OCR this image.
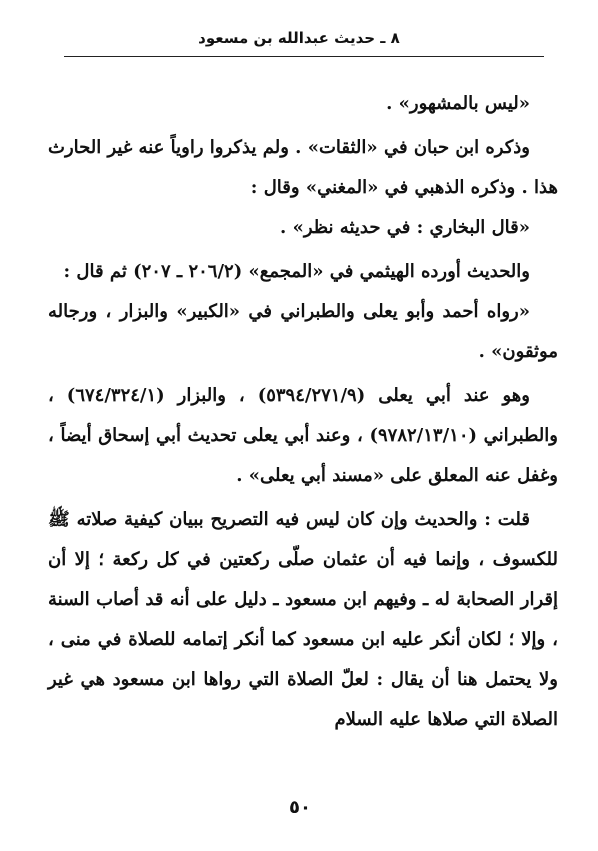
٨ ـ حديث عبدالله بن مسعود

«ليس بالمشهور» .

وذكره ابن حبان في «الثقات» . ولم يذكروا راوياً عنه غير الحارث هذا . وذكره الذهبي في «المغني» وقال :

«قال البخاري : في حديثه نظر» .

والحديث أورده الهيثمي في «المجمع» (٢٠٦/٢ ـ ٢٠٧) ثم قال :

«رواه أحمد وأبو يعلى والطبراني في «الكبير» والبزار ، ورجاله موثقون» .

وهو عند أبي يعلى (٥٣٩٤/٢٧١/٩) ، والبزار (٦٧٤/٣٢٤/١) ، والطبراني (٩٧٨٢/١٣/١٠) ، وعند أبي يعلى تحديث أبي إسحاق أيضاً ، وغفل عنه المعلق على «مسند أبي يعلى» .

قلت : والحديث وإن كان ليس فيه التصريح ببيان كيفية صلاته ﷺ للكسوف ، وإنما فيه أن عثمان صلّى ركعتين في كل ركعة ؛ إلا أن إقرار الصحابة له ـ وفيهم ابن مسعود ـ دليل على أنه قد أصاب السنة ، وإلا ؛ لكان أنكر عليه ابن مسعود كما أنكر إتمامه للصلاة في منى ، ولا يحتمل هنا أن يقال : لعلّ الصلاة التي رواها ابن مسعود هي غير الصلاة التي صلاها عليه السلام

٥٠
